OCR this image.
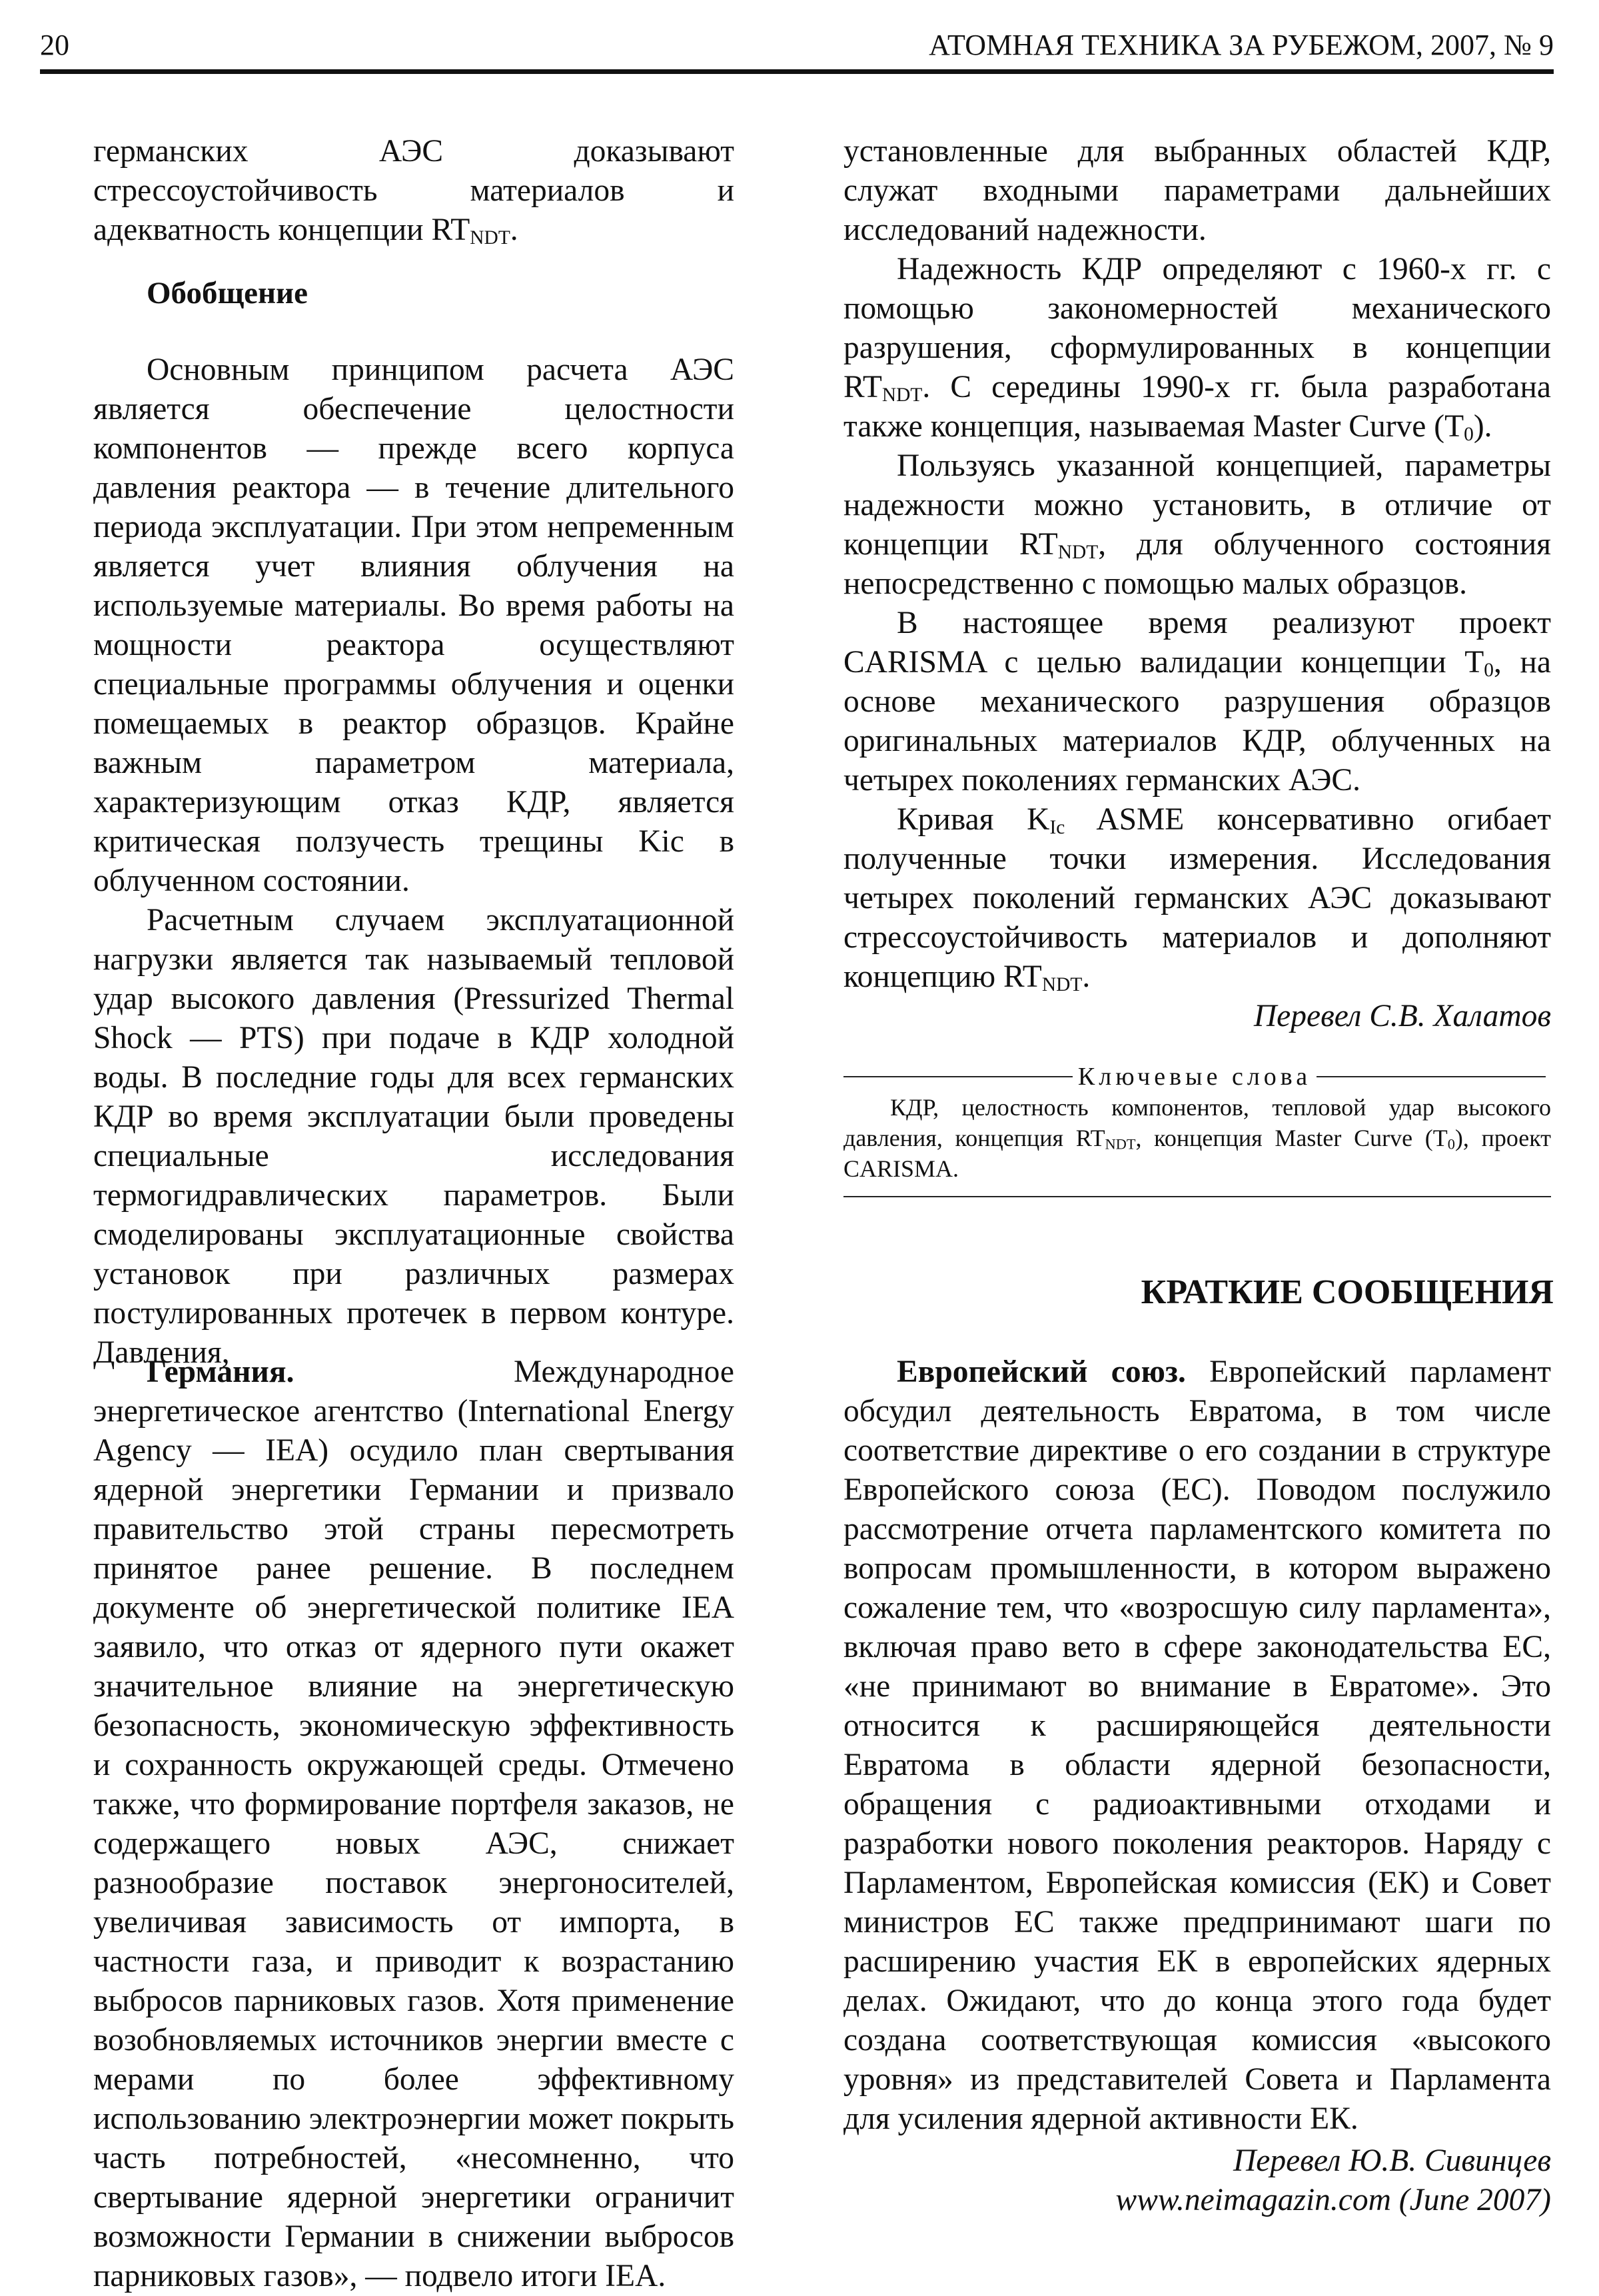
20	АТОМНАЯ ТЕХНИКА ЗА РУБЕЖОМ, 2007, № 9

германских АЭС доказывают стрессоустойчивость материалов и адекватность концепции $RT_{NDT}$.

Обобщение

Основным принципом расчета АЭС является обеспечение целостности компонентов — прежде всего корпуса давления реактора — в течение длительного периода эксплуатации. При этом непременным является учет влияния облучения на используемые материалы. Во время работы на мощности реактора осуществляют специальные программы облучения и оценки помещаемых в реактор образцов. Крайне важным параметром материала, характеризующим отказ КДР, является критическая ползучесть трещины Kic в облученном состоянии.

Расчетным случаем эксплуатационной нагрузки является так называемый тепловой удар высокого давления (Pressurized Thermal Shock — PTS) при подаче в КДР холодной воды. В последние годы для всех германских КДР во время эксплуатации были проведены специальные исследования термогидравлических параметров. Были смоделированы эксплуатационные свойства установок при различных размерах постулированных протечек в первом контуре. Давления,

установленные для выбранных областей КДР, служат входными параметрами дальнейших исследований надежности.

Надежность КДР определяют с 1960-х гг. с помощью закономерностей механического разрушения, сформулированных в концепции $RT_{NDT}$. С середины 1990-х гг. была разработана также концепция, называемая Master Curve $(T_0)$.

Пользуясь указанной концепцией, параметры надежности можно установить, в отличие от концепции $RT_{NDT}$, для облученного состояния непосредственно с помощью малых образцов.

В настоящее время реализуют проект CARISMA с целью валидации концепции $T_0$, на основе механического разрушения образцов оригинальных материалов КДР, облученных на четырех поколениях германских АЭС.

Кривая $K_{Ic}$ ASME консервативно огибает полученные точки измерения. Исследования четырех поколений германских АЭС доказывают стрессоустойчивость материалов и дополняют концепцию $RT_{NDT}$.

Перевел С.В. Халатов

Ключевые слова

КДР, целостность компонентов, тепловой удар высокого давления, концепция $RT_{NDT}$, концепция Master Curve $(T_0)$, проект CARISMA.

КРАТКИЕ СООБЩЕНИЯ

Германия. Международное энергетическое агентство (International Energy Agency — IEA) осудило план свертывания ядерной энергетики Германии и призвало правительство этой страны пересмотреть принятое ранее решение. В последнем документе об энергетической политике IEA заявило, что отказ от ядерного пути окажет значительное влияние на энергетическую безопасность, экономическую эффективность и сохранность окружающей среды. Отмечено также, что формирование портфеля заказов, не содержащего новых АЭС, снижает разнообразие поставок энергоносителей, увеличивая зависимость от импорта, в частности газа, и приводит к возрастанию выбросов парниковых газов. Хотя применение возобновляемых источников энергии вместе с мерами по более эффективному использованию электроэнергии может покрыть часть потребностей, «несомненно, что свертывание ядерной энергетики ограничит возможности Германии в снижении выбросов парниковых газов», — подвело итоги IEA.

Европейский союз. Европейский парламент обсудил деятельность Евратома, в том числе соответствие директиве о его создании в структуре Европейского союза (ЕС). Поводом послужило рассмотрение отчета парламентского комитета по вопросам промышленности, в котором выражено сожаление тем, что «возросшую силу парламента», включая право вето в сфере законодательства ЕС, «не принимают во внимание в Евратоме». Это относится к расширяющейся деятельности Евратома в области ядерной безопасности, обращения с радиоактивными отходами и разработки нового поколения реакторов. Наряду с Парламентом, Европейская комиссия (ЕК) и Совет министров ЕС также предпринимают шаги по расширению участия ЕК в европейских ядерных делах. Ожидают, что до конца этого года будет создана соответствующая комиссия «высокого уровня» из представителей Совета и Парламента для усиления ядерной активности ЕК.

Перевел Ю.В. Сивинцев

www.neimagazin.com (June 2007)
